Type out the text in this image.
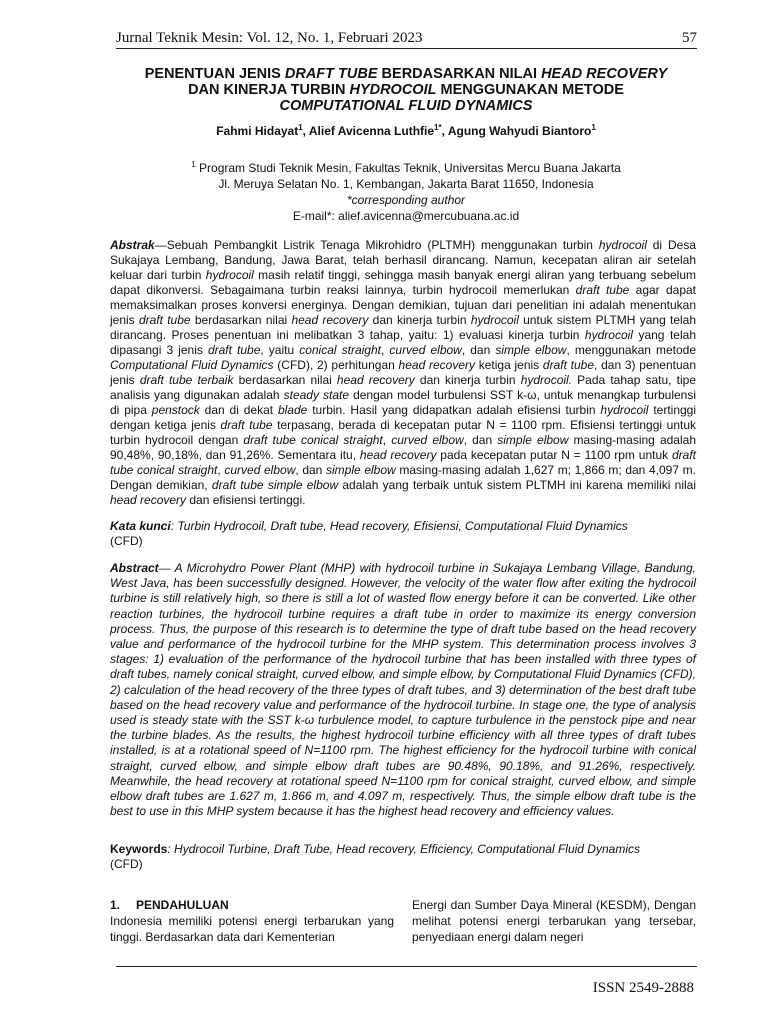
Jurnal Teknik Mesin: Vol. 12, No. 1, Februari 2023	57
PENENTUAN JENIS DRAFT TUBE BERDASARKAN NILAI HEAD RECOVERY
DAN KINERJA TURBIN HYDROCOIL MENGGUNAKAN METODE
COMPUTATIONAL FLUID DYNAMICS
Fahmi Hidayat$^1$, Alief Avicenna Luthfie$^{1*}$, Agung Wahyudi Biantoro$^1$
$^1$ Program Studi Teknik Mesin, Fakultas Teknik, Universitas Mercu Buana Jakarta
Jl. Meruya Selatan No. 1, Kembangan, Jakarta Barat 11650, Indonesia
*corresponding author
E-mail*: alief.avicenna@mercubuana.ac.id
Abstrak—Sebuah Pembangkit Listrik Tenaga Mikrohidro (PLTMH) menggunakan turbin hydrocoil di Desa Sukajaya Lembang, Bandung, Jawa Barat, telah berhasil dirancang. Namun, kecepatan aliran air setelah keluar dari turbin hydrocoil masih relatif tinggi, sehingga masih banyak energi aliran yang terbuang sebelum dapat dikonversi. Sebagaimana turbin reaksi lainnya, turbin hydrocoil memerlukan draft tube agar dapat memaksimalkan proses konversi energinya. Dengan demikian, tujuan dari penelitian ini adalah menentukan jenis draft tube berdasarkan nilai head recovery dan kinerja turbin hydrocoil untuk sistem PLTMH yang telah dirancang. Proses penentuan ini melibatkan 3 tahap, yaitu: 1) evaluasi kinerja turbin hydrocoil yang telah dipasangi 3 jenis draft tube, yaitu conical straight, curved elbow, dan simple elbow, menggunakan metode Computational Fluid Dynamics (CFD), 2) perhitungan head recovery ketiga jenis draft tube, dan 3) penentuan jenis draft tube terbaik berdasarkan nilai head recovery dan kinerja turbin hydrocoil. Pada tahap satu, tipe analisis yang digunakan adalah steady state dengan model turbulensi SST k-ω, untuk menangkap turbulensi di pipa penstock dan di dekat blade turbin. Hasil yang didapatkan adalah efisiensi turbin hydrocoil tertinggi dengan ketiga jenis draft tube terpasang, berada di kecepatan putar N = 1100 rpm. Efisiensi tertinggi untuk turbin hydrocoil dengan draft tube conical straight, curved elbow, dan simple elbow masing-masing adalah 90,48%, 90,18%, dan 91,26%. Sementara itu, head recovery pada kecepatan putar N = 1100 rpm untuk draft tube conical straight, curved elbow, dan simple elbow masing-masing adalah 1,627 m; 1,866 m; dan 4,097 m. Dengan demikian, draft tube simple elbow adalah yang terbaik untuk sistem PLTMH ini karena memiliki nilai head recovery dan efisiensi tertinggi.
Kata kunci: Turbin Hydrocoil, Draft tube, Head recovery, Efisiensi, Computational Fluid Dynamics
(CFD)
Abstract— A Microhydro Power Plant (MHP) with hydrocoil turbine in Sukajaya Lembang Village, Bandung, West Java, has been successfully designed. However, the velocity of the water flow after exiting the hydrocoil turbine is still relatively high, so there is still a lot of wasted flow energy before it can be converted. Like other reaction turbines, the hydrocoil turbine requires a draft tube in order to maximize its energy conversion process. Thus, the purpose of this research is to determine the type of draft tube based on the head recovery value and performance of the hydrocoil turbine for the MHP system. This determination process involves 3 stages: 1) evaluation of the performance of the hydrocoil turbine that has been installed with three types of draft tubes, namely conical straight, curved elbow, and simple elbow, by Computational Fluid Dynamics (CFD), 2) calculation of the head recovery of the three types of draft tubes, and 3) determination of the best draft tube based on the head recovery value and performance of the hydrocoil turbine. In stage one, the type of analysis used is steady state with the SST k-ω turbulence model, to capture turbulence in the penstock pipe and near the turbine blades. As the results, the highest hydrocoil turbine efficiency with all three types of draft tubes installed, is at a rotational speed of N=1100 rpm. The highest efficiency for the hydrocoil turbine with conical straight, curved elbow, and simple elbow draft tubes are 90.48%, 90.18%, and 91.26%, respectively. Meanwhile, the head recovery at rotational speed N=1100 rpm for conical straight, curved elbow, and simple elbow draft tubes are 1.627 m, 1.866 m, and 4.097 m, respectively. Thus, the simple elbow draft tube is the best to use in this MHP system because it has the highest head recovery and efficiency values.
Keywords: Hydrocoil Turbine, Draft Tube, Head recovery, Efficiency, Computational Fluid Dynamics
(CFD)
1. PENDAHULUAN
Indonesia memiliki potensi energi terbarukan yang tinggi. Berdasarkan data dari Kementerian
Energi dan Sumber Daya Mineral (KESDM), Dengan melihat potensi energi terbarukan yang tersebar, penyediaan energi dalam negeri
ISSN 2549-2888
